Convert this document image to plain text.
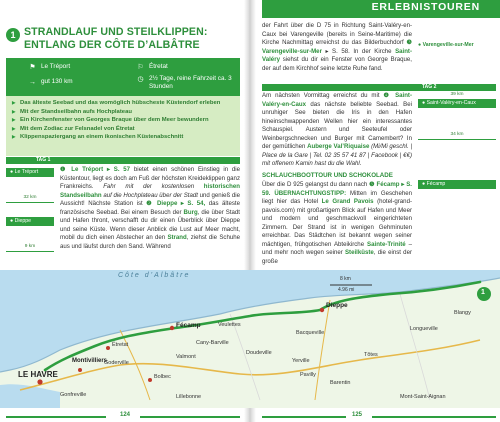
1 STRANDLAUF UND STEILKLIPPEN:
ENTLANG DER CÔTE D’ALBÂTRE
⚑ Le Tréport	⚐ Étretat
→ gut 130 km	◷ 2½ Tage, reine Fahrzeit ca. 3 Stunden
▶ Das älteste Seebad und das womöglich hübscheste Küstendorf erleben
▶ Mit der Standseilbahn aufs Hochplateau
▶ Ein Kirchenfenster von Georges Braque über dem Meer bewundern
▶ Mit dem Zodiac zur Felsnadel von Étretat
▶ Klippenspaziergang an einem ikonischen Küstenabschnitt
TAG 1
● Le Tréport
32 km
● Dieppe
9 km
❶ Le Tréport ▸ S. 57 bietet einen schönen Einstieg in die Küstentour, liegt es doch am Fuß der höchsten Kreideklippen ganz Frankreichs. Fahr mit der kostenlosen historischen Standseilbahn auf die Hochplateau über der Stadt und genieß die Aussicht! Nächste Station ist ❷ Dieppe ▸ S. 54, das älteste französische Seebad. Bei einem Besuch der Burg, die über Stadt und Hafen thront, verschafft du dir einen Überblick über Dieppe und seine Küste. Wenn dieser Anblick die Lust auf Meer macht, mobil du dich einen Abstecher an den Strand, ziehst die Schuhe aus und läufst durch den Sand. Während
ERLEBNISTOUREN
der Fahrt über die D 75 in Richtung Saint-Valéry-en-Caux bei Varengeville (bereits in Seine-Maritime) die Kirche Nachmittag erreichst du das Bilderbuchdorf ❸ Varengeville-sur-Mer ▸ S. 58. In der Kirche Saint-Valéry siehst du dir ein Fenster von George Braque, der auf dem Kirchhof seine letzte Ruhe fand.
● Varengeville-sur-Mer
TAG 2
39 km
● Saint-Valéry-en-Caux
34 km
● Fécamp
Am nächsten Vormittag erreichst du mit ❹ Saint-Valéry-en-Caux das nächste beliebte Seebad. Bei unruhiger See bieten die Iris in den Hafen hineinschwappenden Wellen hier ein interessantes Schauspiel. Austern und Seeteufel oder Weinbergschnecken und Burger mit Camembert? In der gemütlichen Auberge Val’Riquaise (Mi/Mi geschl. | Place de la Gare | Tel. 02 35 57 41 87 | Facebook | €€) mit offenem Kamin hast du die Wahl.
SCHLAUCHBOOTTOUR UND SCHOKOLADE
Über die D 925 gelangst du dann nach ❺ Fécamp ▸ S. 59. ÜBERNACHTUNGSTIPP: Mitten im Geschehen liegt hier das Hotel Le Grand Pavois (hotel-grand-pavois.com) mit großartigem Blick auf Hafen und Meer und modern und geschmackvoll eingerichteten Zimmern. Der Strand ist in wenigen Gehminuten erreichbar. Das Städtchen ist bekannt wegen seiner mächtigen, frühgotischen Abteikirche Sainte-Trinité – und mehr noch wegen seiner Steilküste, die einst der große
Côte d’Albâtre	8 km
4.96 mi	1
Dieppe
Fécamp
Montivilliers
LE HAVRE	Bolbec
Gonfreville	Lillebonne	Mont-Saint-Aignan
Barentin
Tôtes
Yerville
Pavilly
Longueville
Bacqueville
Doudeville
Cany-Barville
Goderville
Étretat
Veulettes
Blangy
Valmont
124	125
